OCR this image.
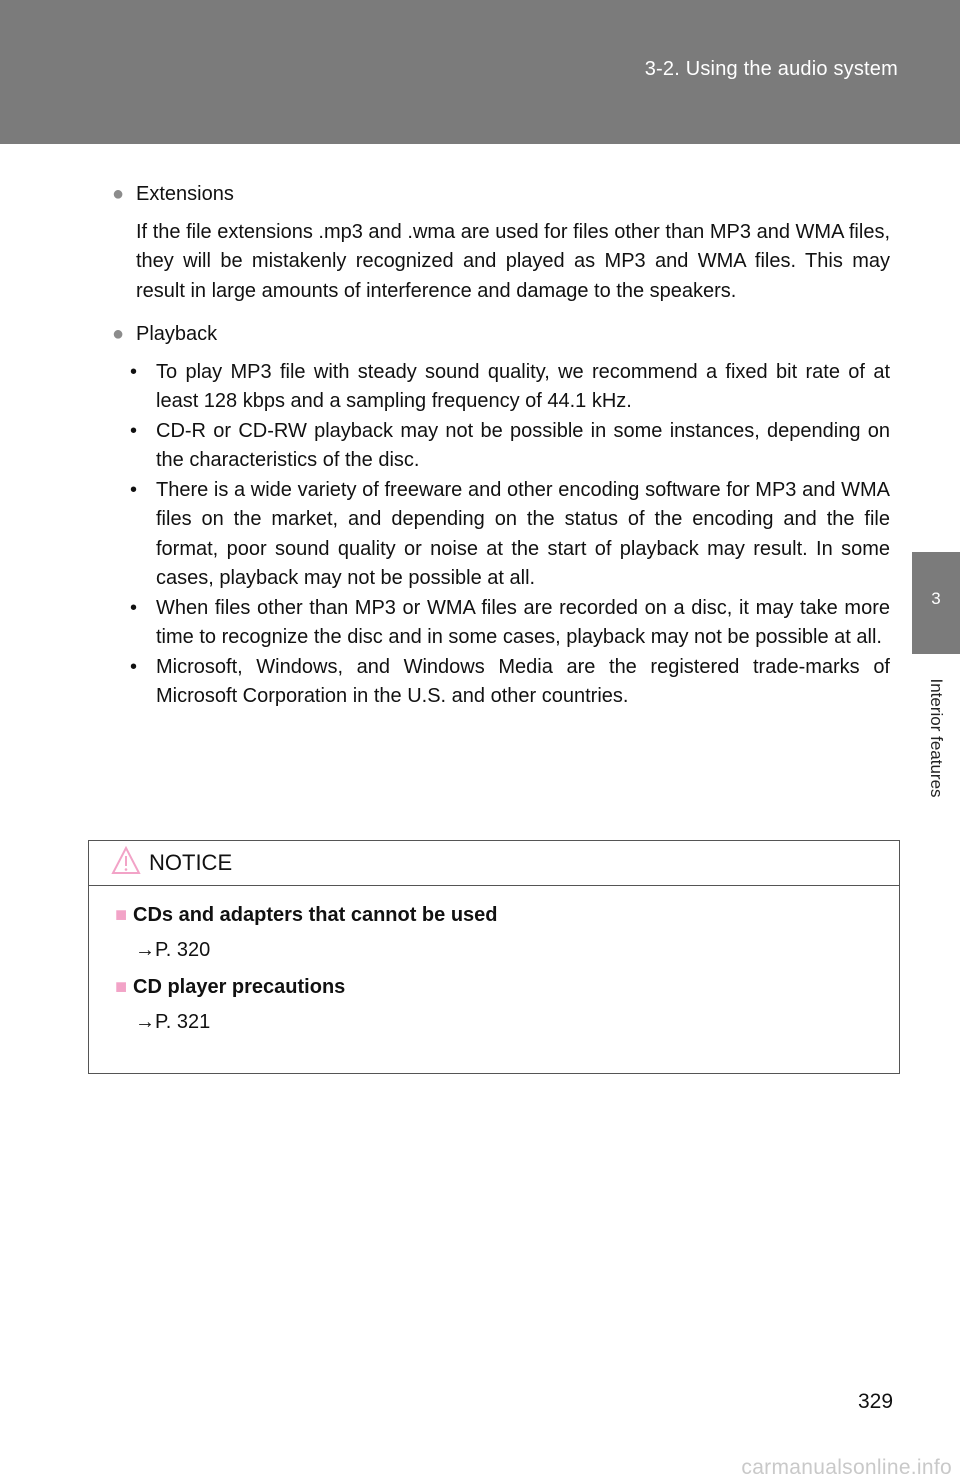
3-2. Using the audio system
3
Interior features
● Extensions
If the file extensions .mp3 and .wma are used for files other than MP3 and WMA files, they will be mistakenly recognized and played as MP3 and WMA files. This may result in large amounts of interference and damage to the speakers.
● Playback
• To play MP3 file with steady sound quality, we recommend a fixed bit rate of at least 128 kbps and a sampling frequency of 44.1 kHz.
• CD-R or CD-RW playback may not be possible in some instances, depending on the characteristics of the disc.
• There is a wide variety of freeware and other encoding software for MP3 and WMA files on the market, and depending on the status of the encoding and the file format, poor sound quality or noise at the start of playback may result. In some cases, playback may not be possible at all.
• When files other than MP3 or WMA files are recorded on a disc, it may take more time to recognize the disc and in some cases, playback may not be possible at all.
• Microsoft, Windows, and Windows Media are the registered trade-marks of Microsoft Corporation in the U.S. and other countries.
NOTICE
■ CDs and adapters that cannot be used
→P. 320
■ CD player precautions
→P. 321
329
carmanualsonline.info
